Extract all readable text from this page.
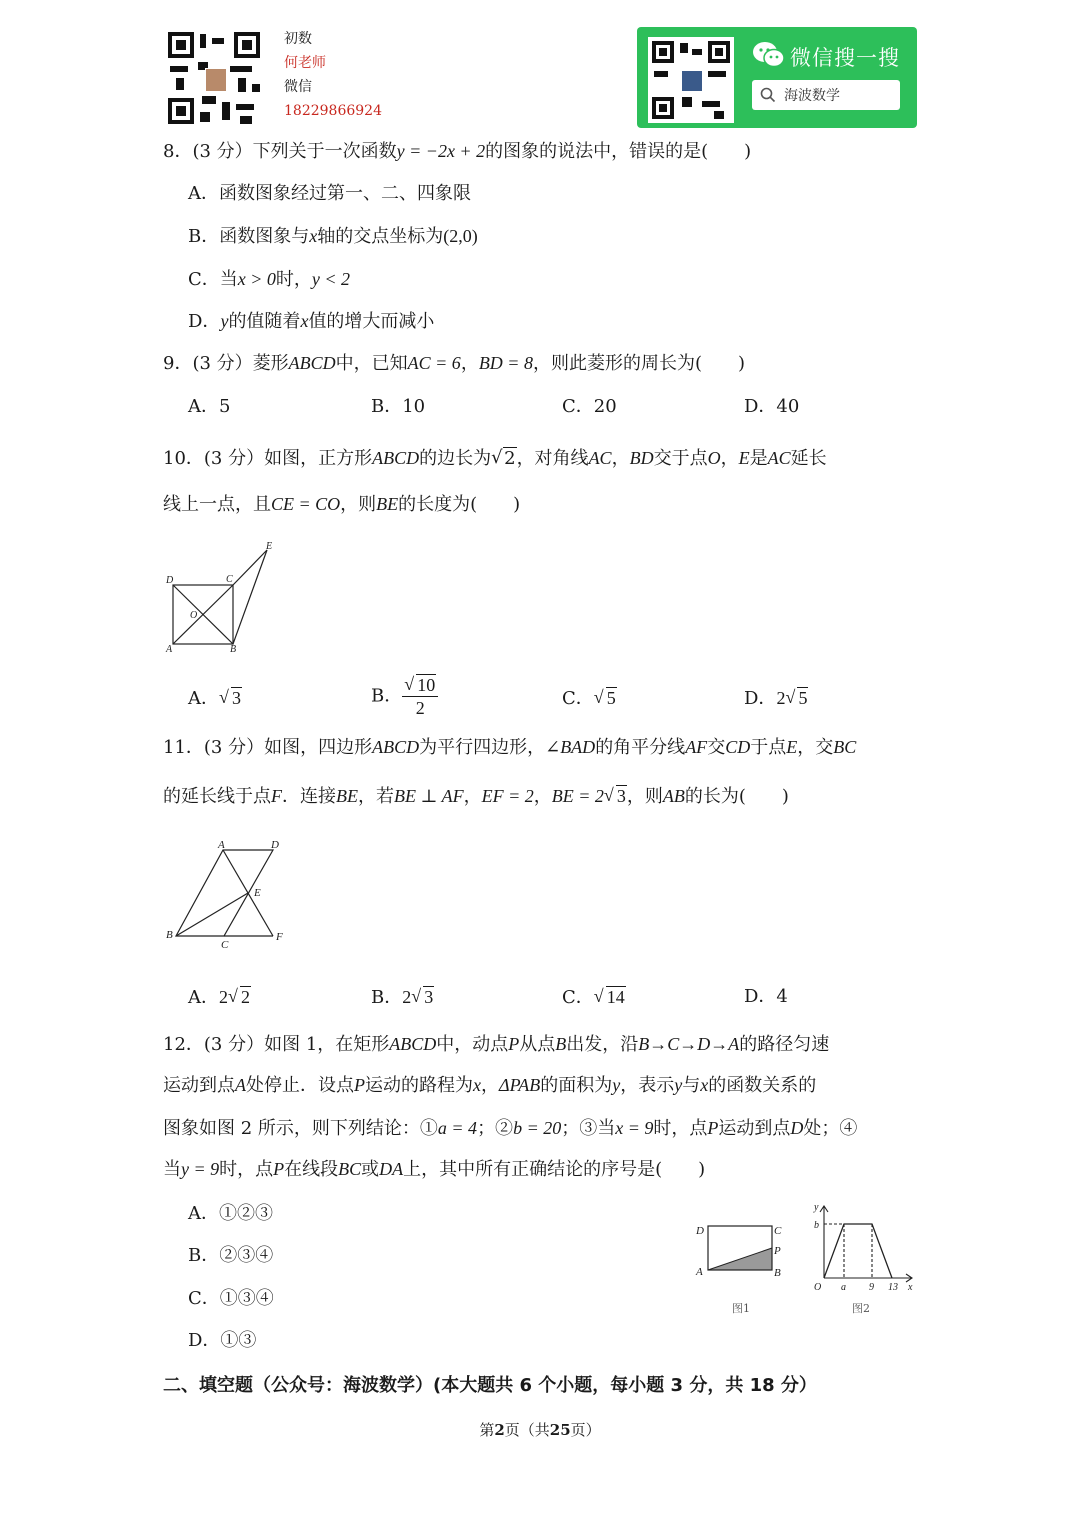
初数
何老师
微信
18229866924
微信搜一搜
海波数学
8．(3 分）下列关于一次函数y = −2x + 2的图象的说法中，错误的是(　　)
A．函数图象经过第一、二、四象限
B．函数图象与x轴的交点坐标为(2,0)
C．当x > 0时，y < 2
D．y的值随着x值的增大而减小
9．(3 分）菱形ABCD中，已知AC = 6，BD = 8，则此菱形的周长为(　　)
A．5	B．10	C．20	D．40
10．(3 分）如图，正方形ABCD的边长为 √ 2，对角线AC，BD交于点O，E是AC延长
线上一点，且CE = CO，则BE的长度为(　　)
D	C
O
A	B
E
A． √ 3	B． √ $\frac{10}{2}$	C． √ 5	D．2 √ 5
11．(3 分）如图，四边形ABCD为平行四边形，∠BAD的角平分线AF交CD于点E，交BC
的延长线于点F．连接BE，若BE ⊥ AF，EF = 2，BE = 2 √ 3，则AB的长为(　　)
A	D
E
B
C
F
A．2 √ 2	B．2 √ 3	C． √ 14	D．4
12．(3 分）如图 1，在矩形ABCD中，动点P从点B出发，沿B→C→D→A的路径匀速
运动到点A处停止．设点P运动的路程为x，ΔPAB的面积为y，表示y与x的函数关系的
图象如图 2 所示，则下列结论：①a = 4；②b = 20；③当x = 9时，点P运动到点D处；④
当y = 9时，点P在线段BC或DA上，其中所有正确结论的序号是(　　)
A．①②③
B．②③④
C．①③④
D．①③
D	C
P
A	B
图1
y
b
O a 9 13 x
图2
二、填空题（公众号：海波数学）(本大题共 6 个小题，每小题 3 分，共 18 分）
第2页（共25页）
